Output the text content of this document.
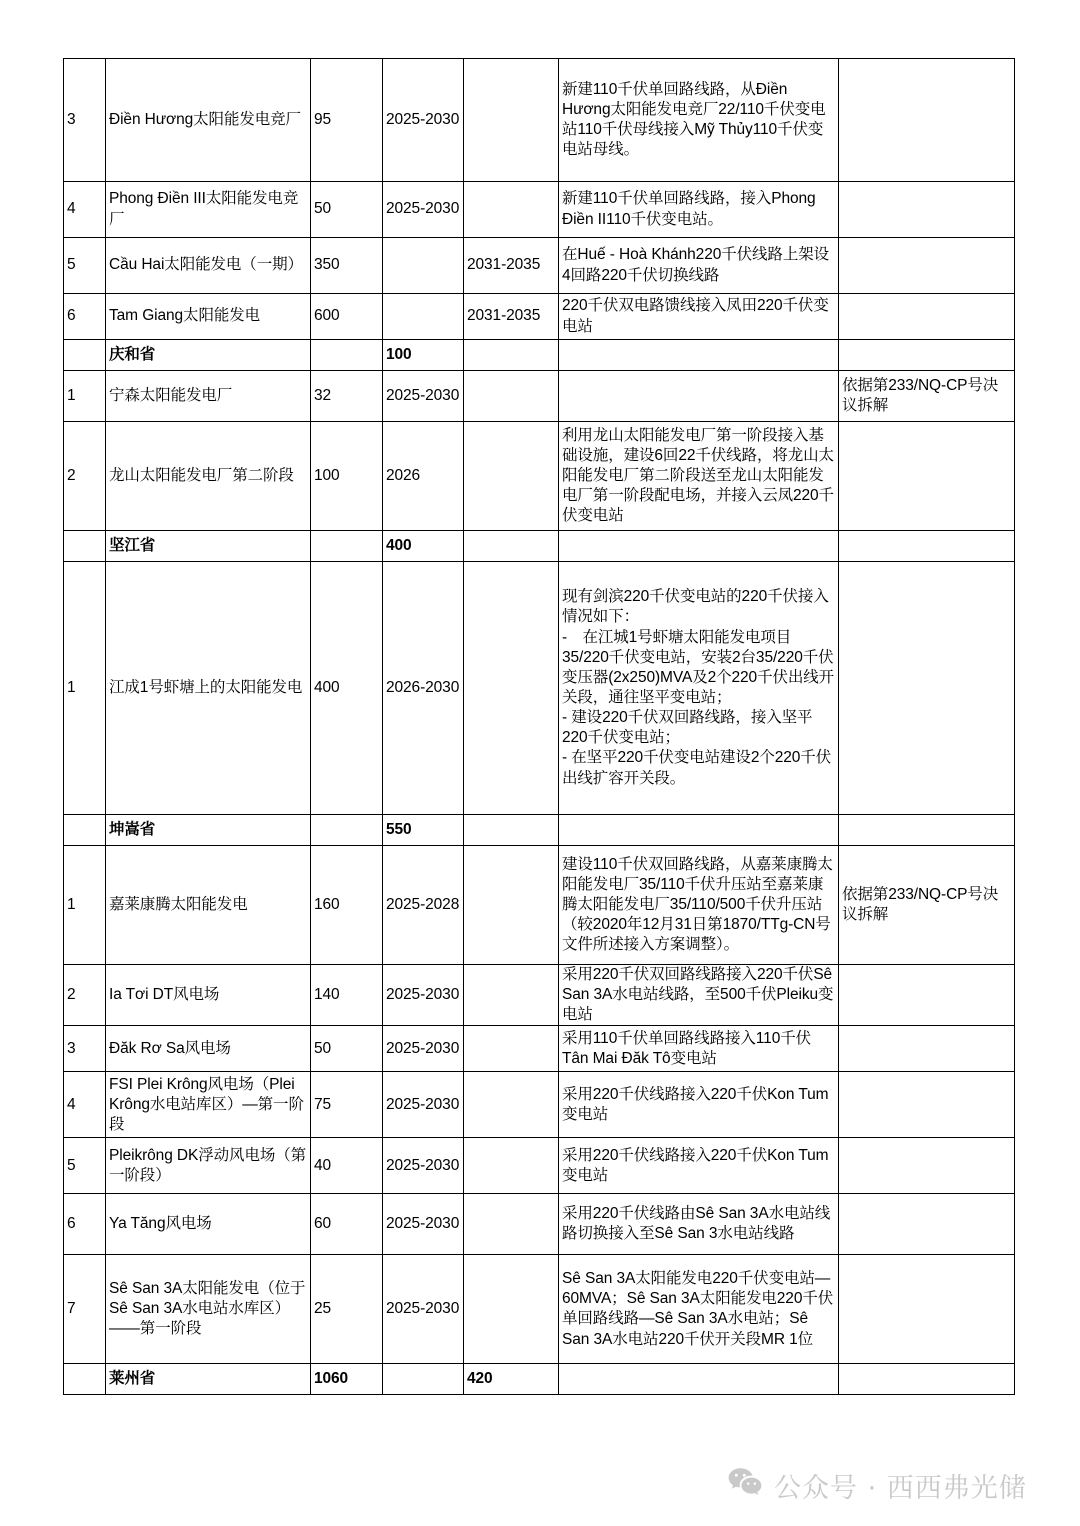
3	Điền Hương太阳能发电竞厂	95	2025-2030		新建110千伏单回路线路，从Điền Hương太阳能发电竞厂22/110千伏变电站110千伏母线接入Mỹ Thủy110千伏变电站母线。	
4	Phong Điền III太阳能发电竞厂	50	2025-2030		新建110千伏单回路线路，接入Phong Điền II110千伏变电站。	
5	Cầu Hai太阳能发电（一期）	350		2031-2035	在Huế - Hoà Khánh220千伏线路上架设4回路220千伏切换线路	
6	Tam Giang太阳能发电	600		2031-2035	220千伏双电路馈线接入凤田220千伏变电站	
	庆和省		100			
1	宁森太阳能发电厂	32	2025-2030			依据第233/NQ-CP号决议拆解
2	龙山太阳能发电厂第二阶段	100	2026		利用龙山太阳能发电厂第一阶段接入基础设施，建设6回22千伏线路，将龙山太阳能发电厂第二阶段送至龙山太阳能发电厂第一阶段配电场，并接入云凤220千伏变电站	
	坚江省		400			
1	江成1号虾塘上的太阳能发电	400	2026-2030		现有剑滨220千伏变电站的220千伏接入情况如下：
-　在江城1号虾塘太阳能发电项目35/220千伏变电站，安装2台35/220千伏变压器(2x250)MVA及2个220千伏出线开关段，通往坚平变电站；
- 建设220千伏双回路线路，接入坚平220千伏变电站；
- 在坚平220千伏变电站建设2个220千伏出线扩容开关段。	
	坤嵩省		550			
1	嘉莱康腾太阳能发电	160	2025-2028		建设110千伏双回路线路，从嘉莱康腾太阳能发电厂35/110千伏升压站至嘉莱康腾太阳能发电厂35/110/500千伏升压站（较2020年12月31日第1870/TTg-CN号文件所述接入方案调整）。	依据第233/NQ-CP号决议拆解
2	Ia Tơi DT风电场	140	2025-2030		采用220千伏双回路线路接入220千伏Sê San 3A水电站线路，至500千伏Pleiku变电站	
3	Đăk Rơ Sa风电场	50	2025-2030		采用110千伏单回路线路接入110千伏Tân Mai Đăk Tô变电站	
4	FSI Plei Krông风电场（Plei Krông水电站库区）—第一阶段	75	2025-2030		采用220千伏线路接入220千伏Kon Tum变电站	
5	Pleikrông DK浮动风电场（第一阶段）	40	2025-2030		采用220千伏线路接入220千伏Kon Tum变电站	
6	Ya Tăng风电场	60	2025-2030		采用220千伏线路由Sê San 3A水电站线路切换接入至Sê San 3水电站线路	
7	Sê San 3A太阳能发电（位于Sê San 3A水电站水库区）——第一阶段	25	2025-2030		Sê San 3A太阳能发电220千伏变电站—60MVA；Sê San 3A太阳能发电220千伏单回路线路—Sê San 3A水电站；Sê San 3A水电站220千伏开关段MR 1位	
	莱州省	1060		420		
公众号 · 西西弗光储
